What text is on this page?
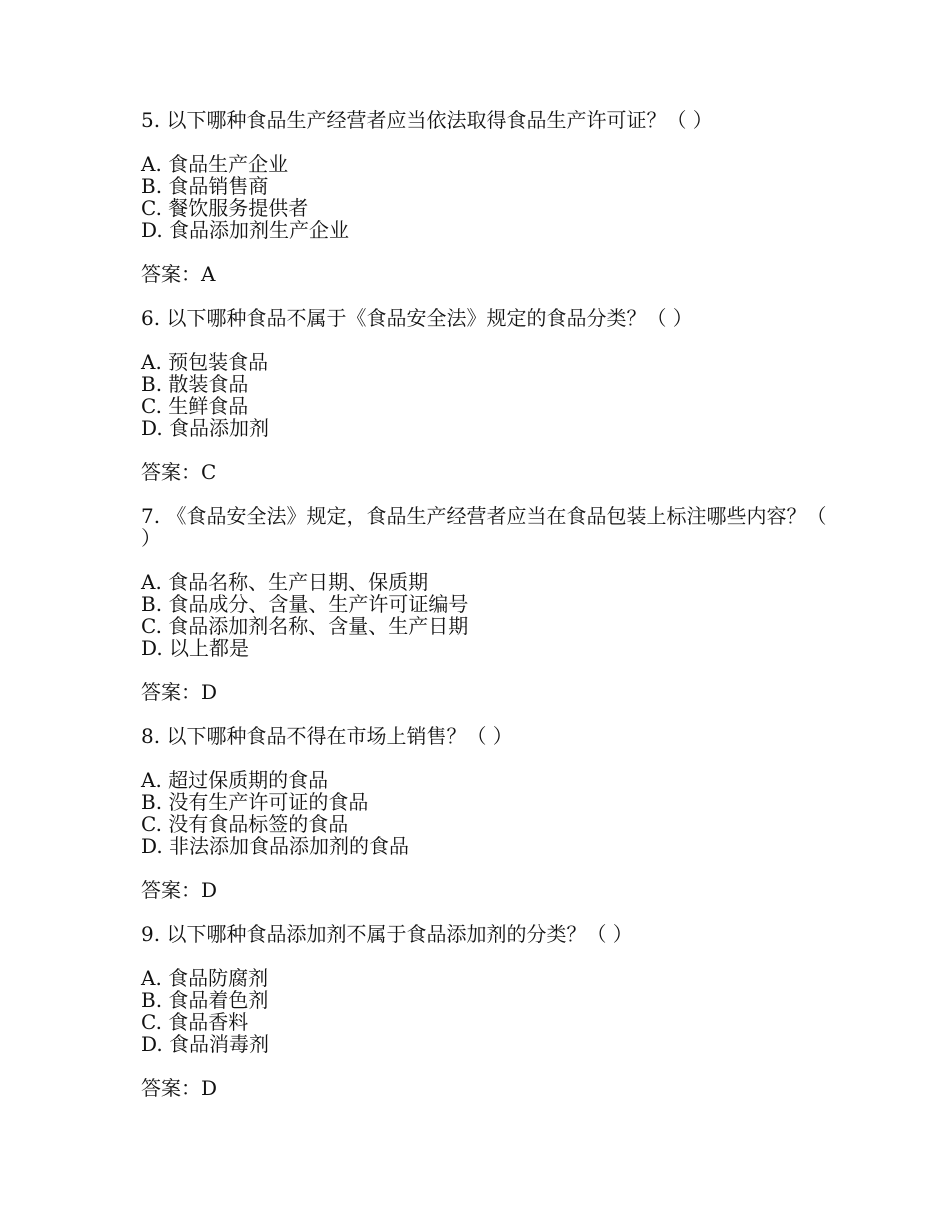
5. 以下哪种食品生产经营者应当依法取得食品生产许可证？（ ）

A. 食品生产企业
B. 食品销售商
C. 餐饮服务提供者
D. 食品添加剂生产企业

答案：A

6. 以下哪种食品不属于《食品安全法》规定的食品分类？（ ）

A. 预包装食品
B. 散装食品
C. 生鲜食品
D. 食品添加剂

答案：C

7. 《食品安全法》规定，食品生产经营者应当在食品包装上标注哪些内容？（ ）

A. 食品名称、生产日期、保质期
B. 食品成分、含量、生产许可证编号
C. 食品添加剂名称、含量、生产日期
D. 以上都是

答案：D

8. 以下哪种食品不得在市场上销售？（ ）

A. 超过保质期的食品
B. 没有生产许可证的食品
C. 没有食品标签的食品
D. 非法添加食品添加剂的食品

答案：D

9. 以下哪种食品添加剂不属于食品添加剂的分类？（ ）

A. 食品防腐剂
B. 食品着色剂
C. 食品香料
D. 食品消毒剂

答案：D
